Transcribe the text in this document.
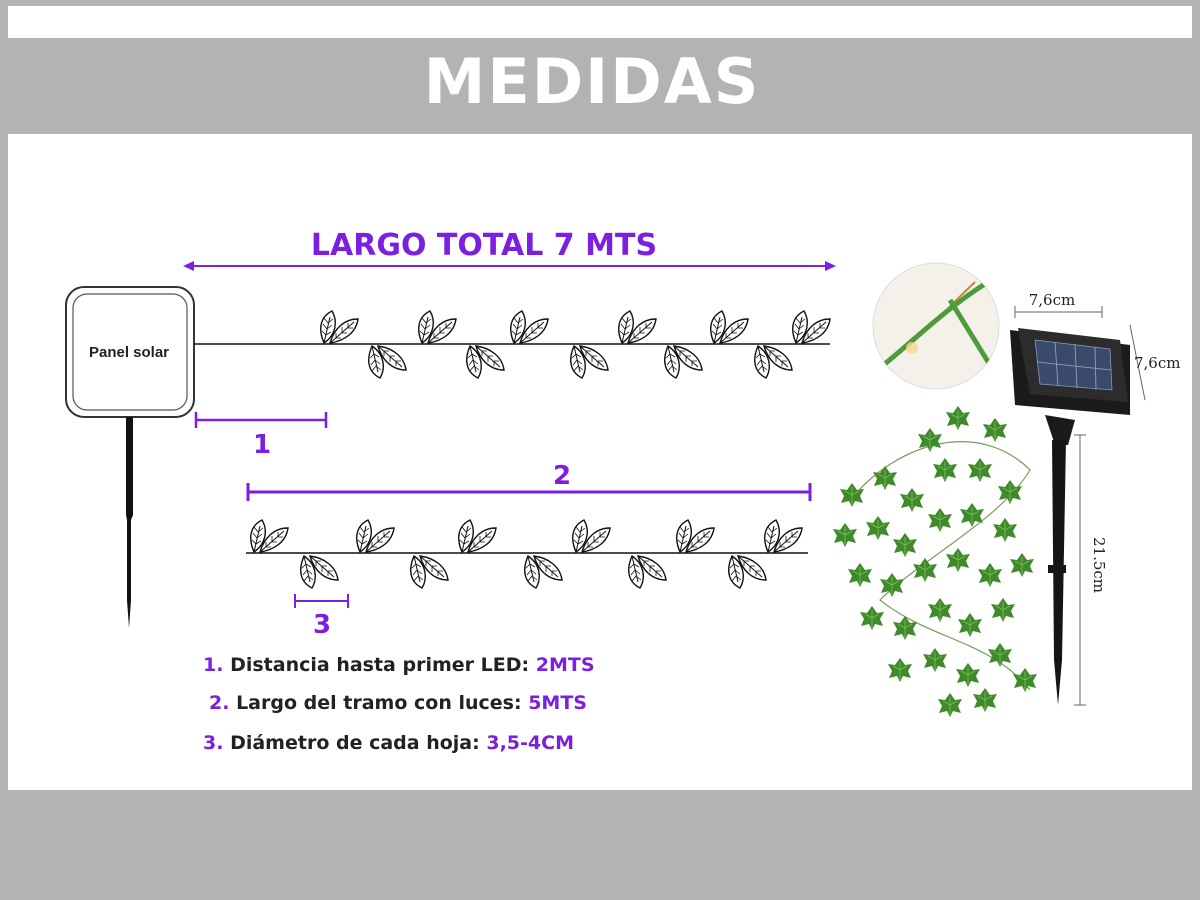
MEDIDAS
LARGO TOTAL 7 MTS
Panel solar
1
2
3
7,6cm
7,6cm
21.5cm
1. Distancia hasta primer LED: 2MTS
2. Largo del tramo con luces: 5MTS
3. Diámetro de cada hoja: 3,5-4CM
